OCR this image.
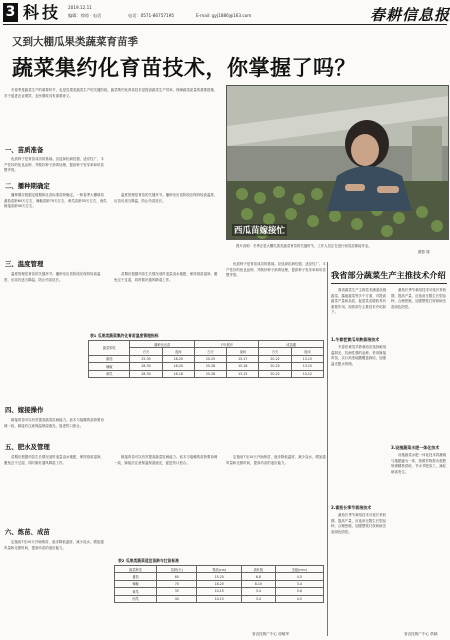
3 科技 2019.12.11
编辑：徐琼 · 电话	电话：0571-86757195	E-mail: gyj1886@163.com	春耕信息报
又到大棚瓜果类蔬菜育苗季
蔬菜集约化育苗技术，你掌握了吗？

冬春季是蔬菜生产的重要时节，也是瓜果类蔬菜生产的关键阶段。蔬菜集约化育苗技术是提高蔬菜生产效率、保障蔬菜质量的重要措施，对于促进农业增效、农民增收具有重要意义。

西瓜苗嫁接忙
图片说明：冬季正是大棚瓜果类蔬菜育苗的关键时节，工作人员正在进行西瓜苗嫁接作业。
摄影 陈
一、苗质准备

优质种子是育苗成功的基础。应选择抗病性强、适应性广、丰产性好的优良品种，并做好种子消毒处理，提高种子发芽率和幼苗整齐度。

二、播种期确定

播种期应根据定植期和壮苗标准苗龄确定。一般春季大棚栽培番茄苗龄60天左右，辣椒苗龄70天左右，黄瓜苗龄35天左右，西瓜嫁接苗龄40天左右。

温度管理是育苗的关键环节。播种至出苗阶段应保持较高温度，出苗后适当降温，防止幼苗徒长。

三、温度管理

温度管理是育苗的关键环节。播种至出苗阶段应保持较高温度，出苗后适当降温，防止幼苗徒长。

苗期应根据幼苗生长情况适时适量浇水施肥，保持基质湿润，避免过干过湿，同时做好通风降湿工作。

优质种子是育苗成功的基础。应选择抗病性强、适应性广、丰产性好的优良品种，并做好种子消毒处理，提高种子发芽率和幼苗整齐度。

表1 瓜果类蔬菜集约化育苗温度管理指标
蔬菜种类	播种至出苗		子叶展开		成苗期	
	白天	夜间	白天	夜间	白天	夜间
番茄	25-30	18-20	20-25	15-17	20-22	13-15
辣椒	28-30	18-20	25-28	15-18	20-25	13-15
黄瓜	28-30	16-18	25-28	13-15	20-22	10-12
四、嫁接操作

嫁接育苗可以有效提高蔬菜抗病能力。砧木与接穗的苗龄要协调一致，嫁接后注意保温保湿遮光，促进伤口愈合。

五、肥水及管理

苗期应根据幼苗生长情况适时适量浇水施肥，保持基质湿润，避免过干过湿，同时做好通风降湿工作。

嫁接育苗可以有效提高蔬菜抗病能力。砧木与接穗的苗龄要协调一致，嫁接后注意保温保湿遮光，促进伤口愈合。

定植前7至10天开始炼苗，逐步降低温度、减少浇水，增加通风量和光照时间，提高幼苗的适应能力。

六、炼苗、成苗

定植前7至10天开始炼苗，逐步降低温度、减少浇水，增加通风量和光照时间，提高幼苗的适应能力。

表2 瓜果类蔬菜适宜苗龄与壮苗标准
蔬菜种类	苗龄(天)	株高(cm)	真叶数	茎粗(mm)
番茄	60	15-20	6-8	4-5
辣椒	70	18-20	8-10	3-4
黄瓜	35	10-15	3-4	5-6
西瓜	40	10-15	3-4	4-5
省农技推广中心 周敏华
我省部分蔬菜生产主推技术介绍

我省蔬菜生产主推技术涵盖设施蔬菜、露地蔬菜等多个方面，对提高蔬菜产量和品质，促进菜农增收具有重要作用。现将部分主推技术介绍如下。

1.冬春茬黄瓜早熟栽培技术

冬春茬黄瓜早熟栽培应选择耐低温弱光、抗病性强的品种，采用嫁接育苗，实行高垄地膜覆盖栽培，加强温光肥水管理。

2.番茄长季节栽培技术

番茄长季节栽培技术可延长采收期，提高产量，应选用无限生长型品种，合理密植，加强整枝打杈和病虫害绿色防控。

番茄长季节栽培技术可延长采收期，提高产量，应选用无限生长型品种，合理密植，加强整枝打杈和病虫害绿色防控。

3.设施蔬菜水肥一体化技术

设施蔬菜水肥一体化技术将灌溉与施肥融为一体，按照作物需水需肥规律精准供给，节水节肥省工，减轻病害发生。

省农技推广中心 供稿
